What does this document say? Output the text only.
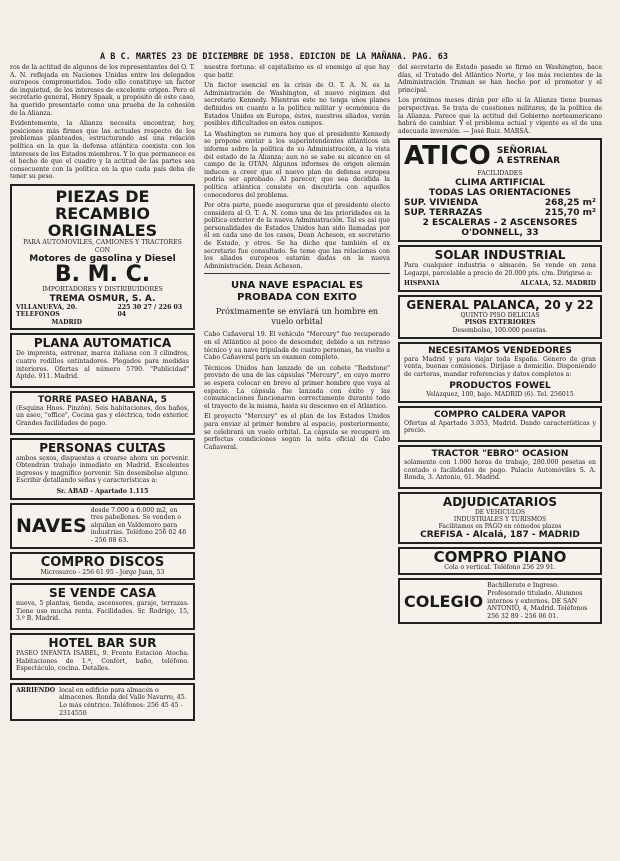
A B C. MARTES 23 DE DICIEMBRE DE 1958. EDICION DE LA MAÑANA. PAG. 63

ros de la actitud de algunos de los representantes del O. T. A. N. reflejada en Naciones Unidas entre los delegados europeos comprometidos. Todo ello constituye un factor de inquietud, de los intereses de excelente origen. Pero el secretario general, Henry Spaak, a propósito de este caso, ha querido presentarlo como una prueba de la cohesión de la Alianza.

Evidentemente, la Alianza necesita encontrar, hoy, posiciones más firmes que las actuales respecto de los problemas planteados, estructurando así una relación política en la que la defensa atlántica coexista con los intereses de los Estados miembros. Y lo que permanece es el hecho de que el cuadro y la actitud de las partes sea consecuente con la política en la que cada país deba de tener su peso.

PIEZAS DE RECAMBIO
ORIGINALES
PARA AUTOMOVILES, CAMIONES Y TRACTORES CON
Motores de gasolina y Diesel
B. M. C.
IMPORTADORES Y DISTRIBUIDORES
TREMA OSMUR, S. A.
VILLANUEVA, 20. TELEFONOS
MADRID
225 30 27 / 226 03 04
PLANA AUTOMATICA

De imprenta, estrenar, marca italiana con 3 cilindros, cuatro rodillos entintadores. Plegados para medidas interiores. Ofertas al número 5790. "Publicidad" Aptdo. 911. Madrid.

TORRE PASEO HABANA, 5

(Esquina Hnos. Pinzón). Seis habitaciones, dos baños, un aseo, "office", Cocina gas y eléctrica, todo exterior. Grandes facilidades de pago.

PERSONAS CULTAS

ambos sexos, dispuestas a crearse ahora un porvenir. Obtendrán trabajo inmediato en Madrid. Excelentes ingresos y magnífico porvenir. Sin desembolso alguno. Escribir detallando señas y características a:

Sr. ABAD - Apartado 1.115
NAVES
desde 7.000 a 6.000 m2, en tres pabellones. Se venden o alquilan en Valdemoro para industrias. Teléfono 256 02 46 - 256 08 63.
COMPRO DISCOS
Microsurco - 256 61 95 - Jorge Juan, 53
SE VENDE CASA

nueva, 5 plantas, tienda, ascensores, garaje, terrazas. Tiene uso mucha renta. Facilidades. Sr. Rodrigo, 15, 3.º B. Madrid.

HOTEL BAR SUR

PASEO INFANTA ISABEL, 9. Frente Estación Atocha. Habitaciones de 1.ª, Confort, baño, teléfono. Espectáculo, cocina. Detalles.

ARRIENDO local en edificio para almacén o almacenes. Ronda del Valle Navarro, 45. Lo más céntrico. Teléfonos: 256 45 45 - 2314550

nuestra fortuna: el capitalismo es el enemigo al que hay que batir.

Un factor esencial en la crisis de O. T. A. N. es la Administración de Washington, el nuevo régimen del secretario Kennedy. Mientras este no tenga unos planes definidos en cuanto a la política militar y económica de Estados Unidos en Europa, éstos, nuestros aliados, verán posibles dificultades en estos campos.

La Washington se rumora hoy que el presidente Kennedy se propone enviar a los superintendentes atlánticos un informe sobre la política de su Administración, a la vista del estado de la Alianza; aun no se sabe su alcance en el campo de la OTAN. Algunos informes de origen alemán inducen a creer que el nuevo plan de defensa europea podría ser aprobado. Al parecer, que sea decidida la política atlántica consiste en discutirla con aquellos conocedores del problema.

Por otra parte, puede asegurarse que el presidente electo considera al O. T. A. N. como una de las prioridades en la política exterior de la nueva Administración. Tal es así que personalidades de Estados Unidos han sido llamadas por él en cada uno de los casos, Dean Acheson, ex secretario de Estado, y otros. Se ha dicho que también el ex secretario fue consultado. Se teme que las relaciones con los aliados europeos estarán dadas en la nueva Administración. Dean Acheson.

UNA NAVE ESPACIAL ES PROBADA CON EXITO
Próximamente se enviará un hombre en vuelo orbital

Cabo Cañaveral 19. El vehículo "Mercury" fue recuperado en el Atlántico al poco de descender, debido a un retraso técnico y su nave tripulada de cuatro personas, ha vuelto a Cabo Cañaveral para un examen completo.

Técnicos Unidos han lanzado de un cohete "Redstone" provisto de una de las cápsulas "Mercury", en cuyo morro se espera colocar en breve al primer hombre que vaya al espacio. La cápsula fue lanzada con éxito y las comunicaciones funcionaron correctamente durante todo el trayecto de la misma, hasta su descenso en el Atlántico.

El proyecto "Mercury" es el plan de los Estados Unidos para enviar al primer hombre al espacio, posteriormente, se celebrará un vuelo orbital. La cápsula se recuperó en perfectas condiciones según la nota oficial de Cabo Cañaveral.

del secretario de Estado pasado se firmó en Washington, hace días, el Tratado del Atlántico Norte, y los más recientes de la Administración Truman se han hecho por el promotor y el principal.

Los próximos meses dirán por ello si la Alianza tiene buenas perspectivas. Se trata de cuestiones militares, de la política de la Alianza. Parece que la actitud del Gobierno norteamericano habrá de cambiar. Y el problema actual y vigente es el de una adecuada inversión. — José Ruiz. MARSÁ.

ATICO SEÑORIAL
A ESTRENAR
FACILIDADES
CLIMA ARTIFICIAL
TODAS LAS ORIENTACIONES
SUP. VIVIENDA	268,25 m²
SUP. TERRAZAS	215,70 m²
2 ESCALERAS - 2 ASCENSORES
O'DONNELL, 33
SOLAR INDUSTRIAL

Para cualquier industria o almacén. Se vende en zona Legazpi, parcelable a precio de 20.000 pts. c/m. Dirigirse a:

HISPANIA	ALCALA, 52. MADRID
GENERAL PALANCA, 20 y 22
QUINTO PISO DELICIAS
PISOS EXTERIORES
Desembolso, 100.000 pesetas.
NECESITAMOS VENDEDORES

para Madrid y para viajar toda España. Género de gran venta, buenas comisiones. Diríjase a domicilio. Disponiendo de carteras, mandar referencias y datos completos a:

PRODUCTOS FOWEL
Velázquez, 100, bajo. MADRID (6). Tel. 256015
COMPRO CALDERA VAPOR

Ofertas al Apartado 3.953, Madrid. Dando características y precio.

TRACTOR "EBRO" OCASION

solamente con 1.000 horas de trabajo, 280.000 pesetas en contado o facilidades de pago. Palacio Automóviles S. A. Ronda, 3. Antonio, 61. Madrid.

ADJUDICATARIOS
DE VEHICULOS
INDUSTRIALES Y TURISMOS
Facilitamos en PAGO en cómodos plazos
CREFISA - Alcalá, 187 - MADRID
COMPRO PIANO
Cola o vertical. Teléfono 256 29 91.
COLEGIO
Bachillerato e Ingreso. Profesorado titulado. Alumnos internos y externos. DE SAN ANTONIO, 4, Madrid. Teléfonos 256 32 89 - 256 06 01.
